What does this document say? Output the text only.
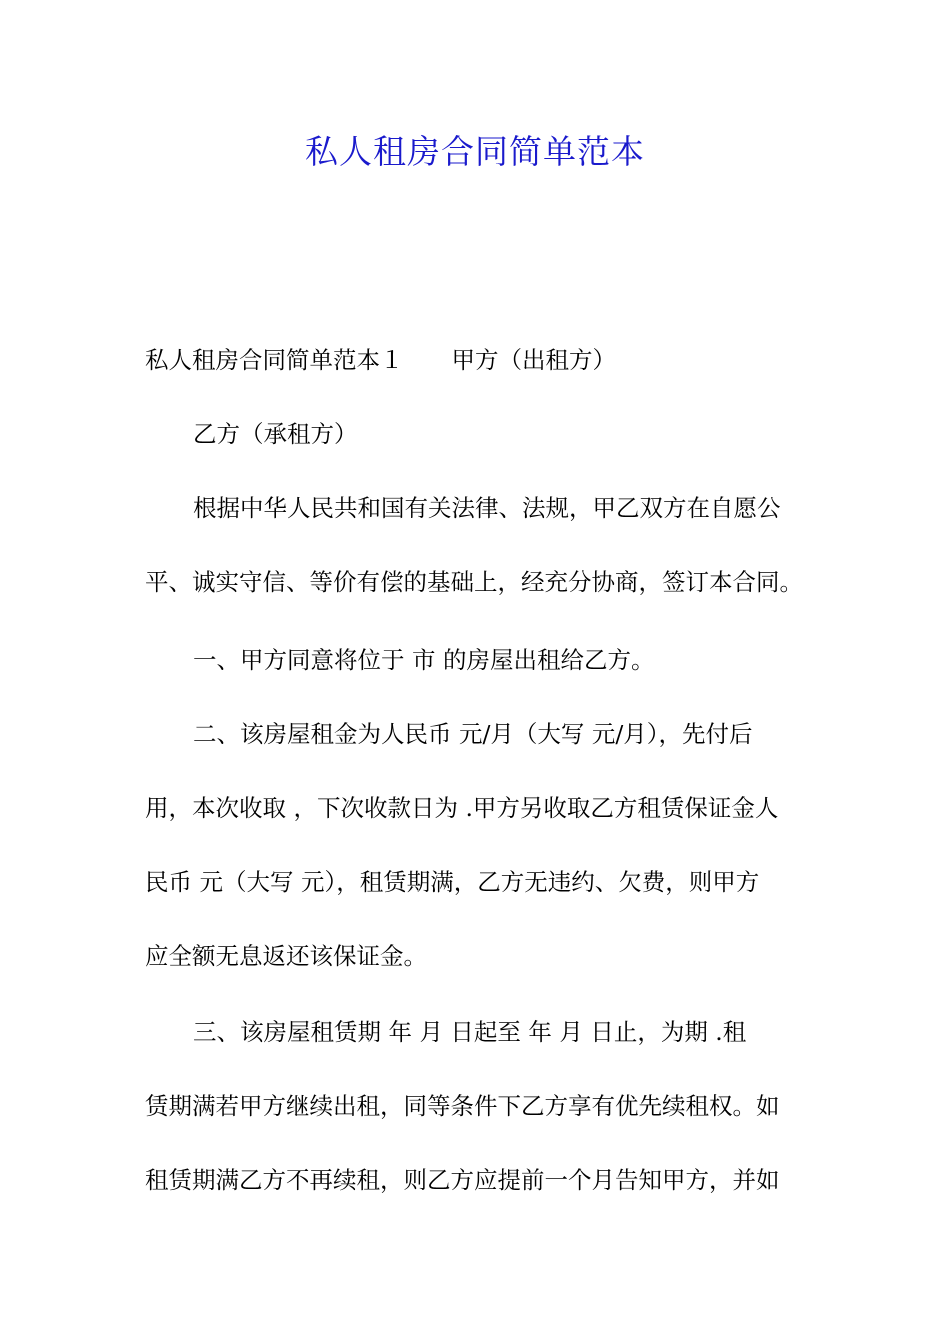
私人租房合同简单范本

私人租房合同简单范本１ 甲方（出租方）

乙方（承租方）

根据中华人民共和国有关法律、法规，甲乙双方在自愿公

平、诚实守信、等价有偿的基础上，经充分协商，签订本合同。

一、甲方同意将位于 市 的房屋出租给乙方。

二、该房屋租金为人民币 元/月（大写 元/月），先付后

用，本次收取 ，下次收款日为 .甲方另收取乙方租赁保证金人

民币 元（大写 元），租赁期满，乙方无违约、欠费，则甲方

应全额无息返还该保证金。

三、该房屋租赁期 年 月 日起至 年 月 日止，为期 .租

赁期满若甲方继续出租，同等条件下乙方享有优先续租权。如

租赁期满乙方不再续租，则乙方应提前一个月告知甲方，并如
